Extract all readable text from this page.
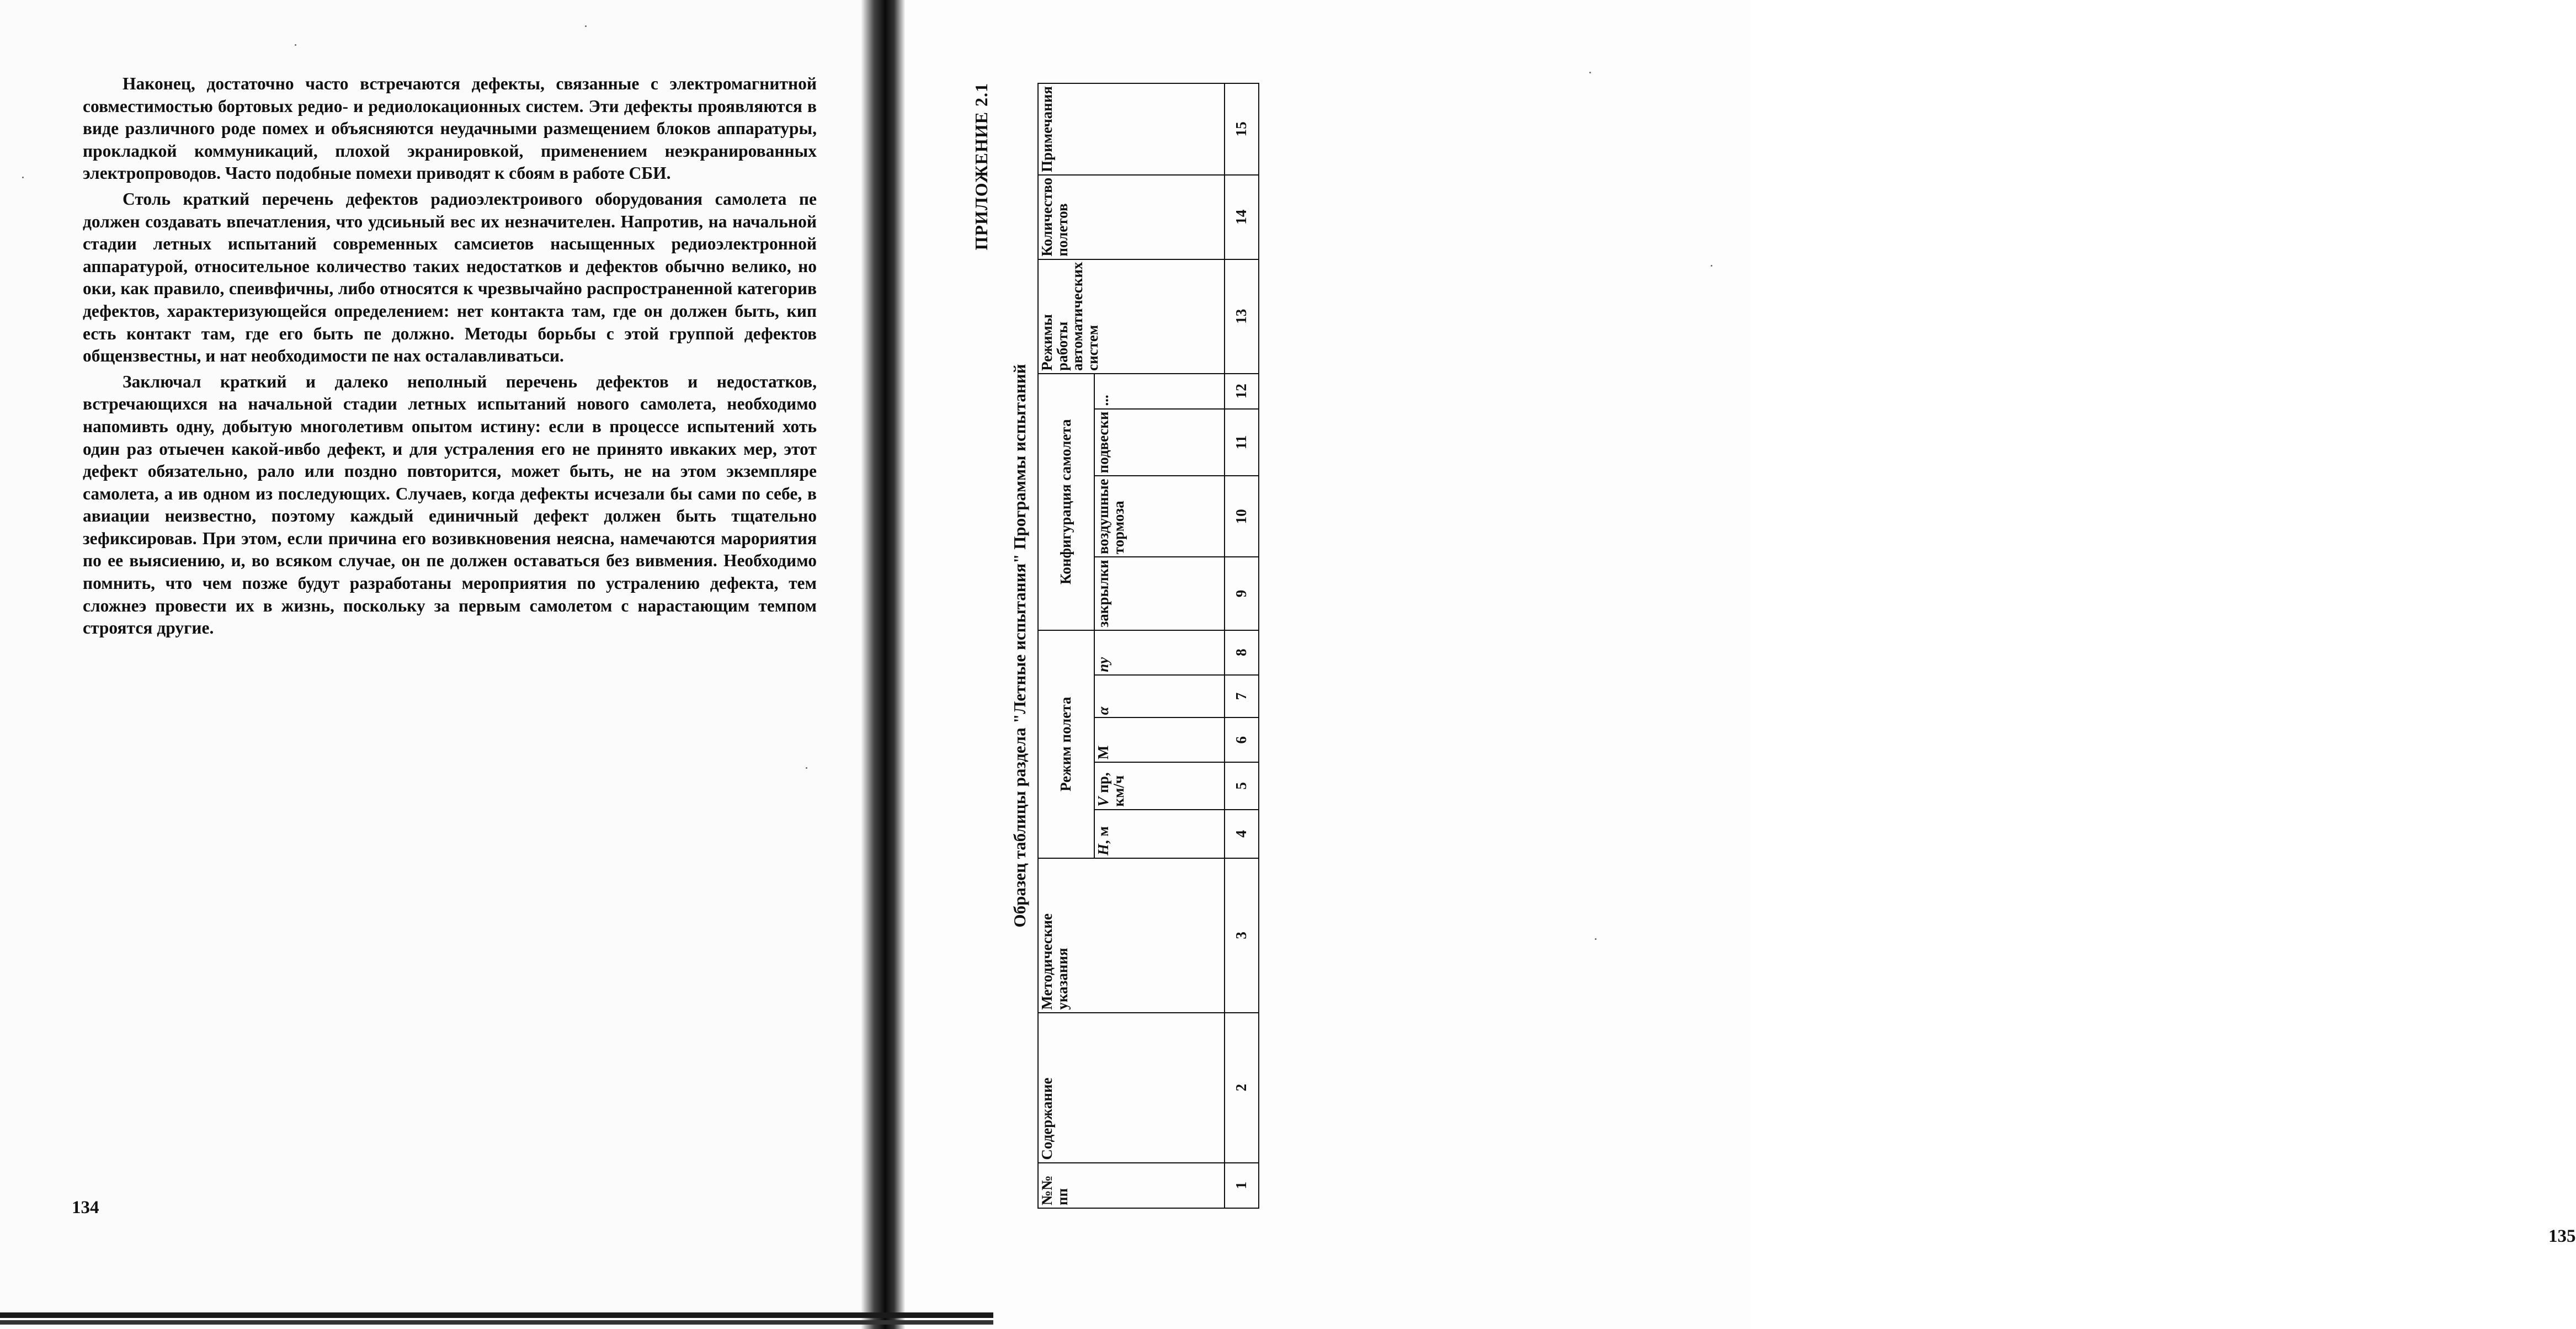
Наконец, достаточно часто встречаются дефекты, связанные с электромагнитной совместимостью бортовых редио- и редиолокационных систем. Эти дефекты проявляются в виде различного роде помех и объясняются неудачными размещением блоков аппаратуры, прокладкой коммуникаций, плохой экранировкой, применением неэкранированных электропроводов. Часто подобные помехи приводят к сбоям в работе СБИ.

Столь краткий перечень дефектов радиоэлектроивого оборудования самолета пе должен создавать впечатления, что удсиьный вес их незначителен. Напротив, на начальной стадии летных испытаний современных самсиетов насыщенных редиоэлектронной аппаратурой, относительное количество таких недостатков и дефектов обычно велико, но оки, как правило, спеивфичны, либо относятся к чрезвычайно распространенной категорив дефектов, характеризующейся определением: нет контакта там, где он должен быть, кип есть контакт там, где его быть пе должно. Методы борьбы с этой группой дефектов общензвестны, и нат необходимости пе нах осталавливатьси.

Заключал краткий и далеко неполный перечень дефектов и недостатков, встречающихся на начальной стадии летных испытаний нового самолета, необходимо напомивть одну, добытую многолетивм опытом истину: если в процессе испытений хоть один раз отыечен какой-ивбо дефект, и для устраления его не принято ивкаких мер, этот дефект обязательно, рало или поздно повторится, может быть, не на этом экземпляре самолета, а ив одном из последующих. Случаев, когда дефекты исчезали бы сами по себе, в авиации неизвестно, поэтому каждый единичный дефект должен быть тщательно зефиксировав. При этом, если причина его возивкновения неясна, намечаются марориятия по ее выясиению, и, во всяком случае, он пе должен оставаться без вивмения. Необходимо помнить, что чем позже будут разработаны мероприятия по устралению дефекта, тем сложнеэ провести их в жизнь, поскольку за первым самолетом с нарастающим темпом строятся другие.

134
135
ПРИЛОЖЕНИЕ 2.1
Образец таблицы раздела "Летные испытания" Программы испытаний
№№ пп	Содержание	Методические указания	Режим полета					Конфигурация самолета				Режимы работы автоматических систем	Количество полетов	Примечания
			H, м	V пр, км/ч	М	α	ny	закрылки	воздушные тормоза	подвески	...			
1	2	3	4	5	6	7	8	9	10	11	12	13	14	15
